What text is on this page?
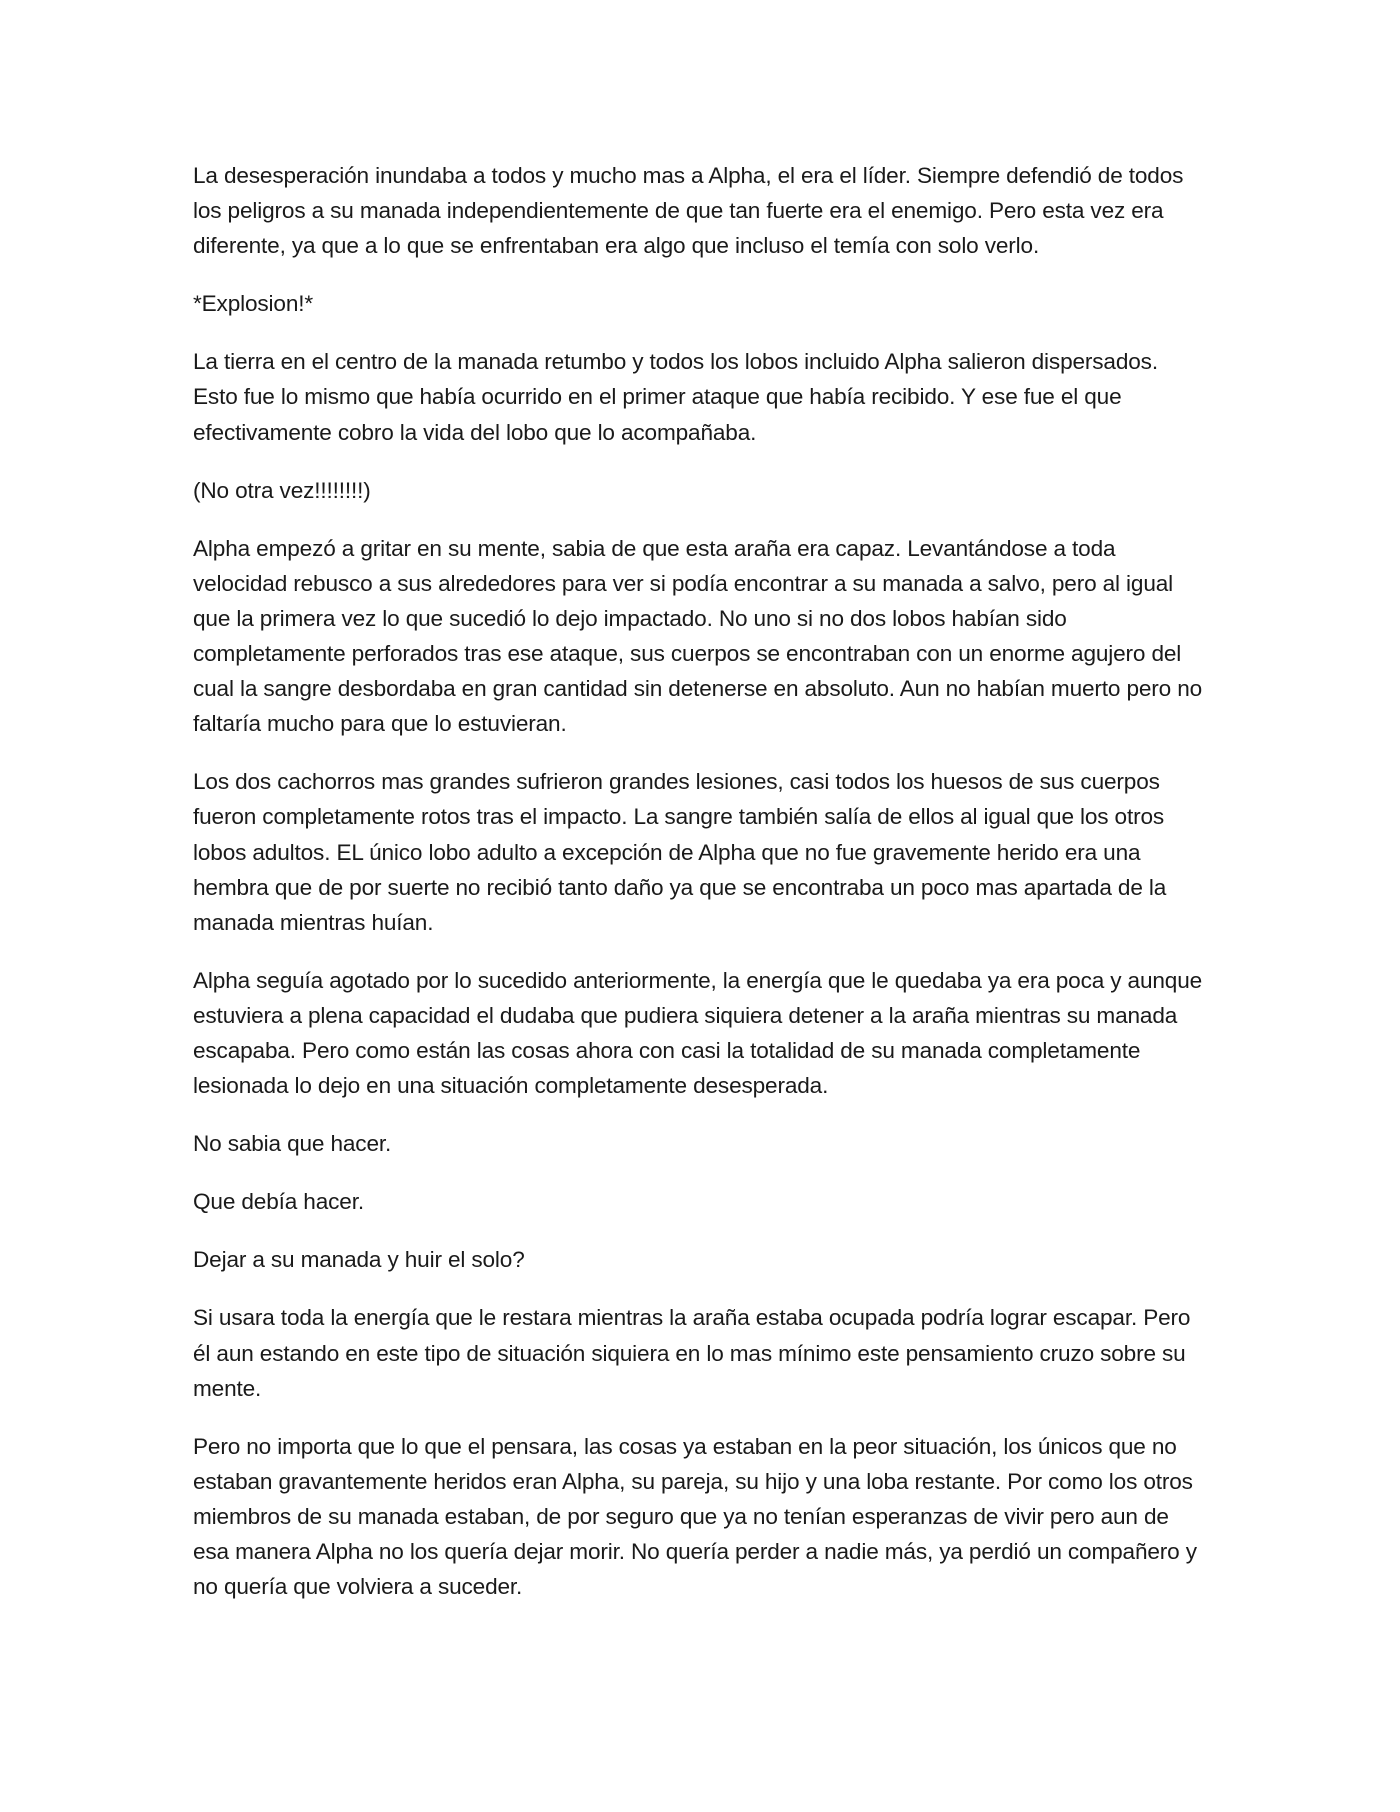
La desesperación inundaba a todos y mucho mas a Alpha, el era el líder. Siempre defendió de todos los peligros a su manada independientemente de que tan fuerte era el enemigo. Pero esta vez era diferente, ya que a lo que se enfrentaban era algo que incluso el temía con solo verlo.

*Explosion!*

La tierra en el centro de la manada retumbo y todos los lobos incluido Alpha salieron dispersados. Esto fue lo mismo que había ocurrido en el primer ataque que había recibido. Y ese fue el que efectivamente cobro la vida del lobo que lo acompañaba.

(No otra vez!!!!!!!!)

Alpha empezó a gritar en su mente, sabia de que esta araña era capaz. Levantándose a toda velocidad rebusco a sus alrededores para ver si podía encontrar a su manada a salvo, pero al igual que la primera vez lo que sucedió lo dejo impactado. No uno si no dos lobos habían sido completamente perforados tras ese ataque, sus cuerpos se encontraban con un enorme agujero del cual la sangre desbordaba en gran cantidad sin detenerse en absoluto. Aun no habían muerto pero no faltaría mucho para que lo estuvieran.

Los dos cachorros mas grandes sufrieron grandes lesiones, casi todos los huesos de sus cuerpos fueron completamente rotos tras el impacto. La sangre también salía de ellos al igual que los otros lobos adultos. EL único lobo adulto a excepción de Alpha que no fue gravemente herido era una hembra que de por suerte no recibió tanto daño ya que se encontraba un poco mas apartada de la manada mientras huían.

Alpha seguía agotado por lo sucedido anteriormente, la energía que le quedaba ya era poca y aunque estuviera a plena capacidad el dudaba que pudiera siquiera detener a la araña mientras su manada escapaba. Pero como están las cosas ahora con casi la totalidad de su manada completamente lesionada lo dejo en una situación completamente desesperada.

No sabia que hacer.

Que debía hacer.

Dejar a su manada y huir el solo?

Si usara toda la energía que le restara mientras la araña estaba ocupada podría lograr escapar. Pero él aun estando en este tipo de situación siquiera en lo mas mínimo este pensamiento cruzo sobre su mente.

Pero no importa que lo que el pensara, las cosas ya estaban en la peor situación, los únicos que no estaban gravantemente heridos eran Alpha, su pareja, su hijo y una loba restante. Por como los otros miembros de su manada estaban, de por seguro que ya no tenían esperanzas de vivir pero aun de esa manera Alpha no los quería dejar morir. No quería perder a nadie más, ya perdió un compañero y no quería que volviera a suceder.
